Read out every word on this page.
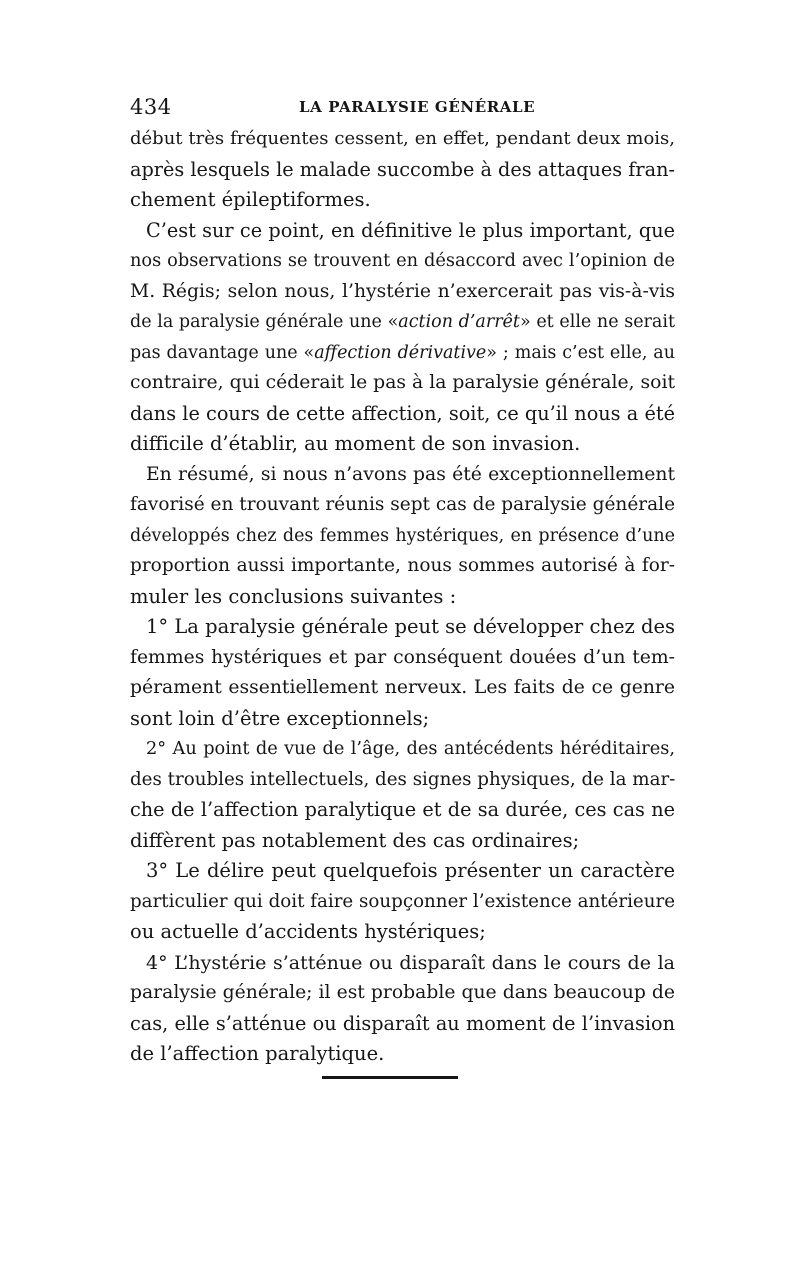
434	LA PARALYSIE GÉNÉRALE
début très fréquentes cessent, en effet, pendant deux mois,
après lesquels le malade succombe à des attaques fran-
chement épileptiformes.
C’est sur ce point, en définitive le plus important, que
nos observations se trouvent en désaccord avec l’opinion de
M. Régis; selon nous, l’hystérie n’exercerait pas vis-à-vis
de la paralysie générale une «action d’arrêt» et elle ne serait
pas davantage une «affection dérivative» ; mais c’est elle, au
contraire, qui céderait le pas à la paralysie générale, soit
dans le cours de cette affection, soit, ce qu’il nous a été
difficile d’établir, au moment de son invasion.
En résumé, si nous n’avons pas été exceptionnellement
favorisé en trouvant réunis sept cas de paralysie générale
développés chez des femmes hystériques, en présence d’une
proportion aussi importante, nous sommes autorisé à for-
muler les conclusions suivantes :
1° La paralysie générale peut se développer chez des
femmes hystériques et par conséquent douées d’un tem-
pérament essentiellement nerveux. Les faits de ce genre
sont loin d’être exceptionnels;
2° Au point de vue de l’âge, des antécédents héréditaires,
des troubles intellectuels, des signes physiques, de la mar-
che de l’affection paralytique et de sa durée, ces cas ne
diffèrent pas notablement des cas ordinaires;
3° Le délire peut quelquefois présenter un caractère
particulier qui doit faire soupçonner l’existence antérieure
ou actuelle d’accidents hystériques;
4° L’hystérie s’atténue ou disparaît dans le cours de la
paralysie générale; il est probable que dans beaucoup de
cas, elle s’atténue ou disparaît au moment de l’invasion
de l’affection paralytique.
